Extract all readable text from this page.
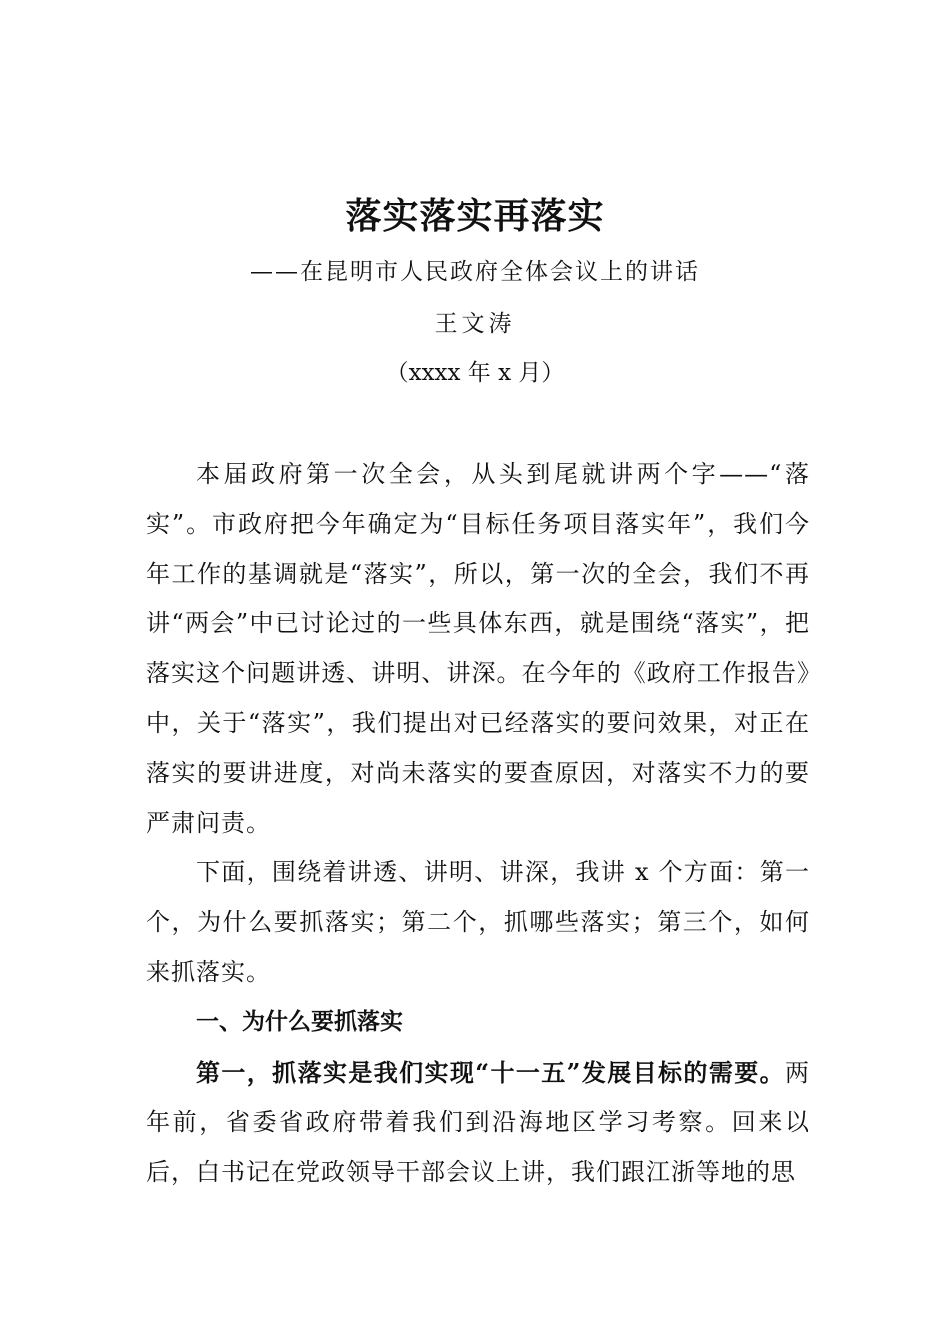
落实落实再落实
——在昆明市人民政府全体会议上的讲话
王文涛
（xxxx 年 x 月）

本届政府第一次全会，从头到尾就讲两个字——“落实”。市政府把今年确定为“目标任务项目落实年”，我们今年工作的基调就是“落实”，所以，第一次的全会，我们不再讲“两会”中已讨论过的一些具体东西，就是围绕“落实”，把落实这个问题讲透、讲明、讲深。在今年的《政府工作报告》中，关于“落实”，我们提出对已经落实的要问效果，对正在落实的要讲进度，对尚未落实的要查原因，对落实不力的要严肃问责。

下面，围绕着讲透、讲明、讲深，我讲 x 个方面：第一个，为什么要抓落实；第二个，抓哪些落实；第三个，如何来抓落实。

一、为什么要抓落实

第一，抓落实是我们实现“十一五”发展目标的需要。两年前，省委省政府带着我们到沿海地区学习考察。回来以后，白书记在党政领导干部会议上讲，我们跟江浙等地的思
